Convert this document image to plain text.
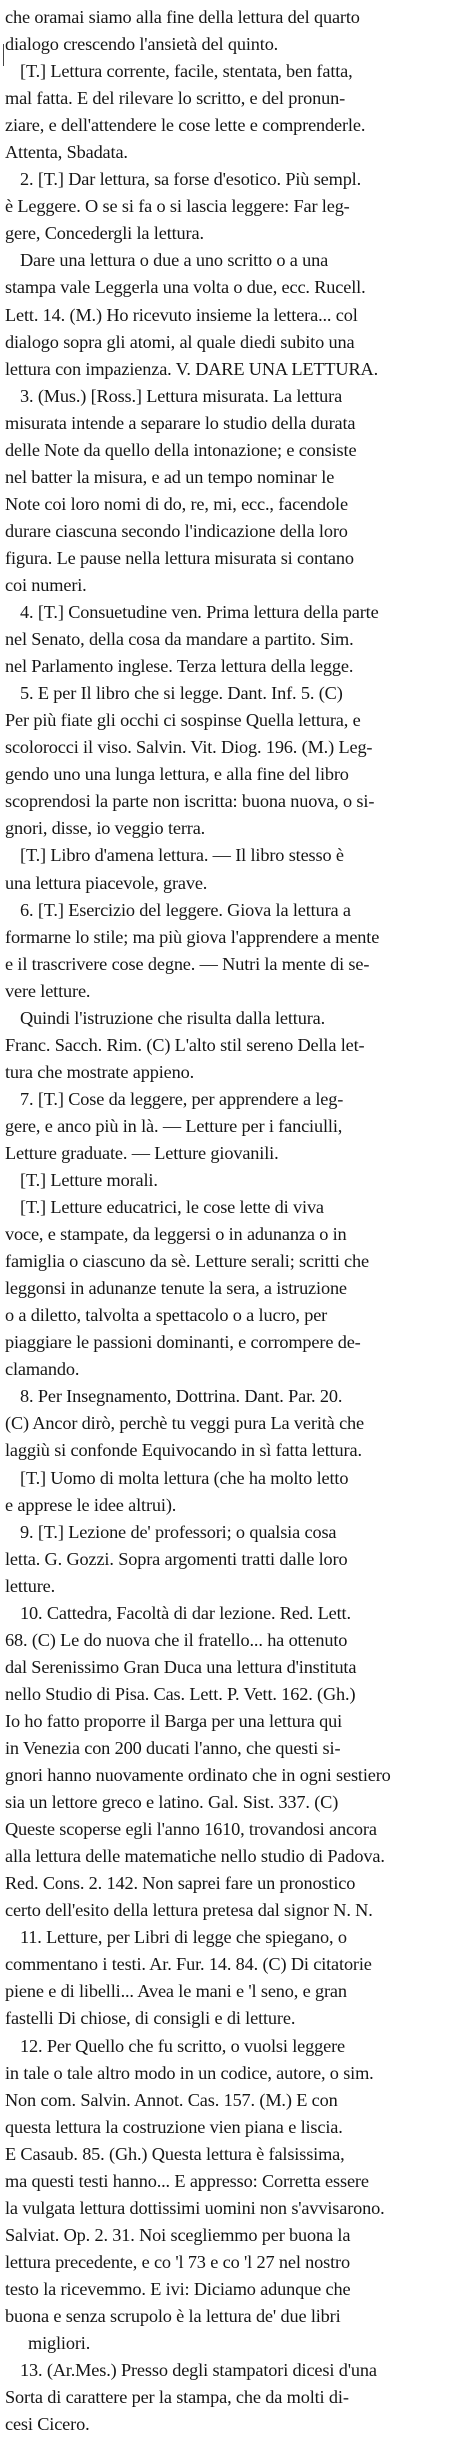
che oramai siamo alla fine della lettura del quarto
dialogo crescendo l'ansietà del quinto.
[T.] Lettura corrente, facile, stentata, ben fatta,
mal fatta. E del rilevare lo scritto, e del pronun-
ziare, e dell'attendere le cose lette e comprenderle.
Attenta, Sbadata.
2. [T.] Dar lettura, sa forse d'esotico. Più sempl.
è Leggere. O se si fa o si lascia leggere: Far leg-
gere, Concedergli la lettura.
Dare una lettura o due a uno scritto o a una
stampa vale Leggerla una volta o due, ecc. Rucell.
Lett. 14. (M.) Ho ricevuto insieme la lettera... col
dialogo sopra gli atomi, al quale diedi subito una
lettura con impazienza. V. DARE UNA LETTURA.
3. (Mus.) [Ross.] Lettura misurata. La lettura
misurata intende a separare lo studio della durata
delle Note da quello della intonazione; e consiste
nel batter la misura, e ad un tempo nominar le
Note coi loro nomi di do, re, mi, ecc., facendole
durare ciascuna secondo l'indicazione della loro
figura. Le pause nella lettura misurata si contano
coi numeri.
4. [T.] Consuetudine ven. Prima lettura della parte
nel Senato, della cosa da mandare a partito. Sim.
nel Parlamento inglese. Terza lettura della legge.
5. E per Il libro che si legge. Dant. Inf. 5. (C)
Per più fiate gli occhi ci sospinse Quella lettura, e
scolorocci il viso. Salvin. Vit. Diog. 196. (M.) Leg-
gendo uno una lunga lettura, e alla fine del libro
scoprendosi la parte non iscritta: buona nuova, o si-
gnori, disse, io veggio terra.
[T.] Libro d'amena lettura. — Il libro stesso è
una lettura piacevole, grave.
6. [T.] Esercizio del leggere. Giova la lettura a
formarne lo stile; ma più giova l'apprendere a mente
e il trascrivere cose degne. — Nutri la mente di se-
vere letture.
Quindi l'istruzione che risulta dalla lettura.
Franc. Sacch. Rim. (C) L'alto stil sereno Della let-
tura che mostrate appieno.
7. [T.] Cose da leggere, per apprendere a leg-
gere, e anco più in là. — Letture per i fanciulli,
Letture graduate. — Letture giovanili.
[T.] Letture morali.
[T.] Letture educatrici, le cose lette di viva
voce, e stampate, da leggersi o in adunanza o in
famiglia o ciascuno da sè. Letture serali; scritti che
leggonsi in adunanze tenute la sera, a istruzione
o a diletto, talvolta a spettacolo o a lucro, per
piaggiare le passioni dominanti, e corrompere de-
clamando.
8. Per Insegnamento, Dottrina. Dant. Par. 20.
(C) Ancor dirò, perchè tu veggi pura La verità che
laggiù si confonde Equivocando in sì fatta lettura.
[T.] Uomo di molta lettura (che ha molto letto
e apprese le idee altrui).
9. [T.] Lezione de' professori; o qualsia cosa
letta. G. Gozzi. Sopra argomenti tratti dalle loro
letture.
10. Cattedra, Facoltà di dar lezione. Red. Lett.
68. (C) Le do nuova che il fratello... ha ottenuto
dal Serenissimo Gran Duca una lettura d'instituta
nello Studio di Pisa. Cas. Lett. P. Vett. 162. (Gh.)
Io ho fatto proporre il Barga per una lettura qui
in Venezia con 200 ducati l'anno, che questi si-
gnori hanno nuovamente ordinato che in ogni sestiero
sia un lettore greco e latino. Gal. Sist. 337. (C)
Queste scoperse egli l'anno 1610, trovandosi ancora
alla lettura delle matematiche nello studio di Padova.
Red. Cons. 2. 142. Non saprei fare un pronostico
certo dell'esito della lettura pretesa dal signor N. N.
11. Letture, per Libri di legge che spiegano, o
commentano i testi. Ar. Fur. 14. 84. (C) Di citatorie
piene e di libelli... Avea le mani e 'l seno, e gran
fastelli Di chiose, di consigli e di letture.
12. Per Quello che fu scritto, o vuolsi leggere
in tale o tale altro modo in un codice, autore, o sim.
Non com. Salvin. Annot. Cas. 157. (M.) E con
questa lettura la costruzione vien piana e liscia.
E Casaub. 85. (Gh.) Questa lettura è falsissima,
ma questi testi hanno... E appresso: Corretta essere
la vulgata lettura dottissimi uomini non s'avvisarono.
Salviat. Op. 2. 31. Noi scegliemmo per buona la
lettura precedente, e co 'l 73 e co 'l 27 nel nostro
testo la ricevemmo. E ivi: Diciamo adunque che
buona e senza scrupolo è la lettura de' due libri
migliori.
13. (Ar.Mes.) Presso degli stampatori dicesi d'una
Sorta di carattere per la stampa, che da molti di-
cesi Cicero.
